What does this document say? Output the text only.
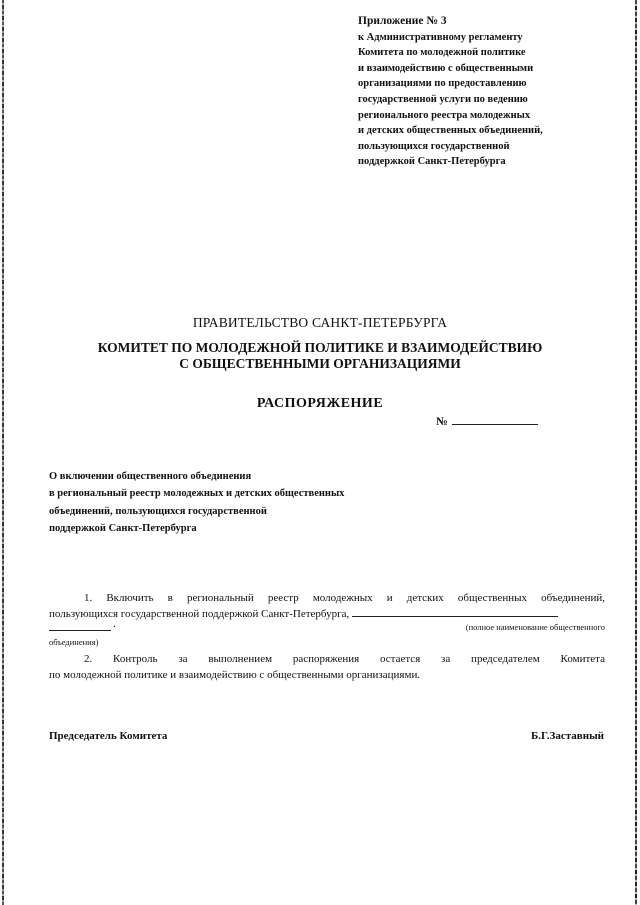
Приложение № 3
к Административному регламенту
Комитета по молодежной политике
и взаимодействию с общественными
организациями по предоставлению
государственной услуги по ведению
регионального реестра молодежных
и детских общественных объединений,
пользующихся государственной
поддержкой Санкт-Петербурга
ПРАВИТЕЛЬСТВО САНКТ-ПЕТЕРБУРГА
КОМИТЕТ ПО МОЛОДЕЖНОЙ ПОЛИТИКЕ И ВЗАИМОДЕЙСТВИЮ
С ОБЩЕСТВЕННЫМИ ОРГАНИЗАЦИЯМИ
РАСПОРЯЖЕНИЕ
№
О включении общественного объединения
в региональный реестр молодежных и детских общественных
объединений, пользующихся государственной
поддержкой Санкт-Петербурга
1. Включить в региональный реестр молодежных и детских общественных объединений,
пользующихся государственной поддержкой Санкт-Петербурга,
.	(полное наименование общественного
объединения)
2. Контроль за выполнением распоряжения остается за председателем Комитета
по молодежной политике и взаимодействию с общественными организациями.
Председатель Комитета	Б.Г.Заставный
